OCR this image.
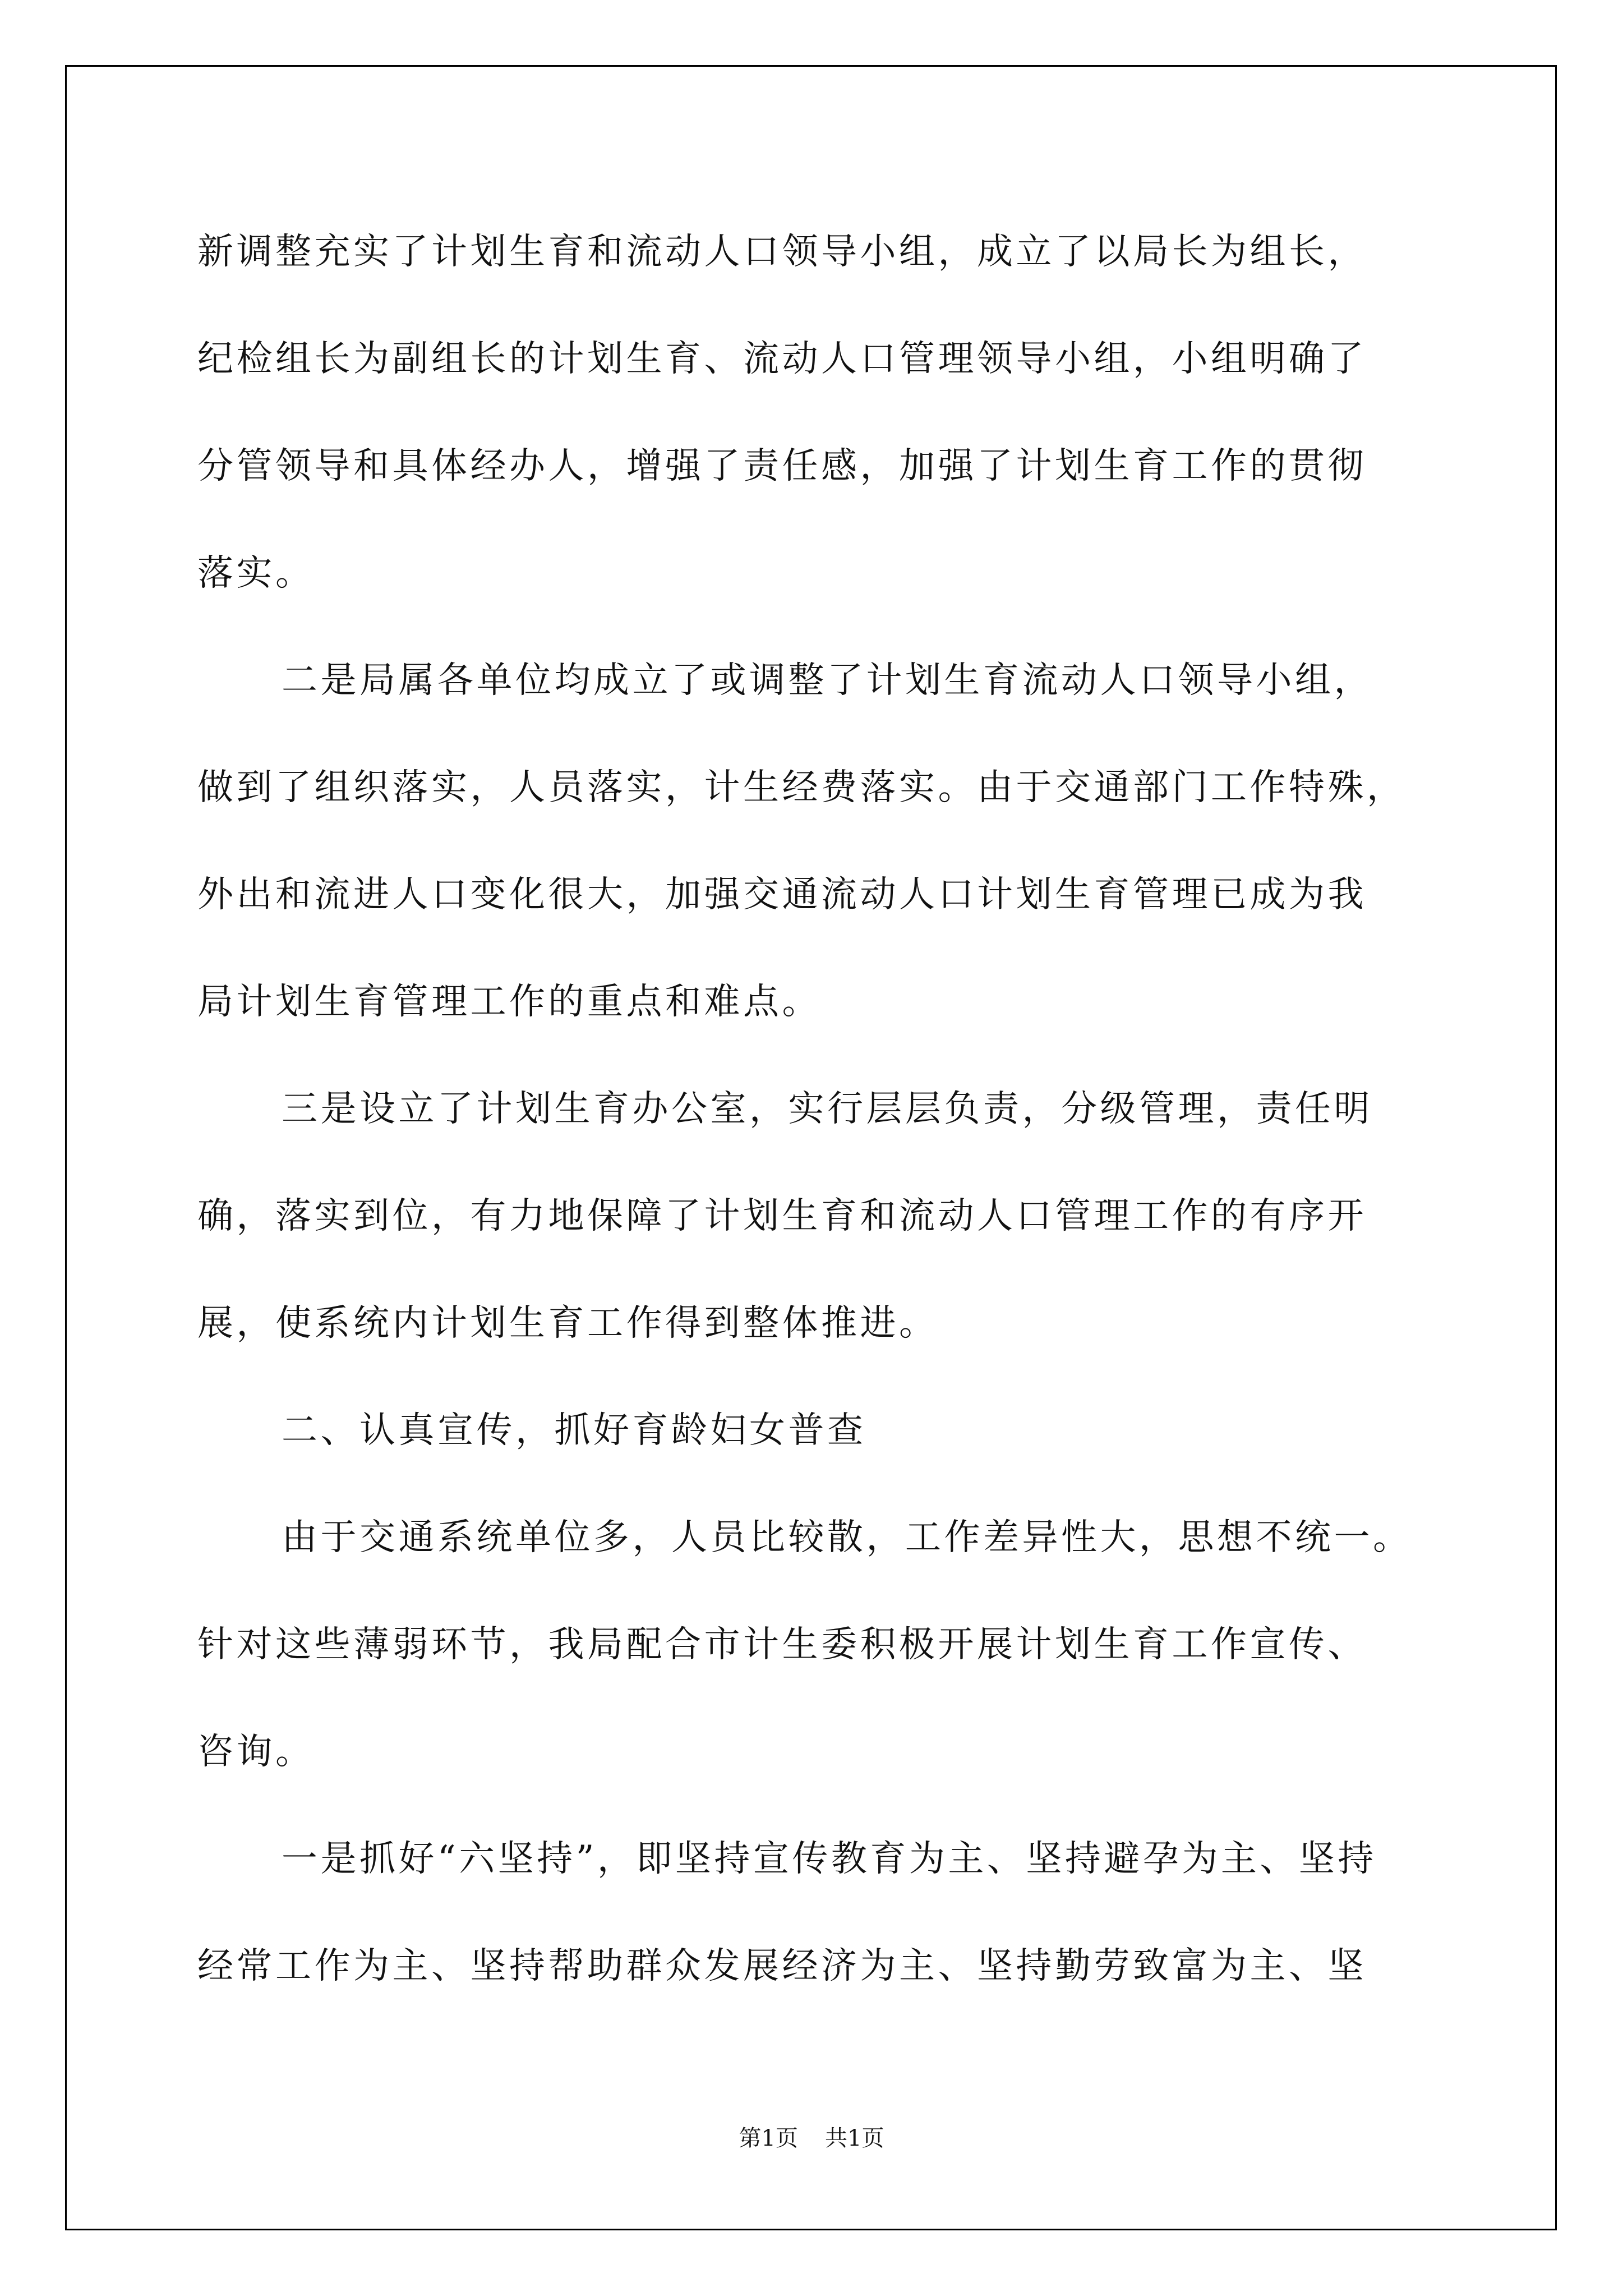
新调整充实了计划生育和流动人口领导小组，成立了以局长为组长，

纪检组长为副组长的计划生育、流动人口管理领导小组，小组明确了

分管领导和具体经办人，增强了责任感，加强了计划生育工作的贯彻

落实。

二是局属各单位均成立了或调整了计划生育流动人口领导小组，

做到了组织落实，人员落实，计生经费落实。由于交通部门工作特殊，

外出和流进人口变化很大，加强交通流动人口计划生育管理已成为我

局计划生育管理工作的重点和难点。

三是设立了计划生育办公室，实行层层负责，分级管理，责任明

确，落实到位，有力地保障了计划生育和流动人口管理工作的有序开

展，使系统内计划生育工作得到整体推进。

二、认真宣传，抓好育龄妇女普查

由于交通系统单位多，人员比较散，工作差异性大，思想不统一。

针对这些薄弱环节，我局配合市计生委积极开展计划生育工作宣传、

咨询。

一是抓好“六坚持”，即坚持宣传教育为主、坚持避孕为主、坚持

经常工作为主、坚持帮助群众发展经济为主、坚持勤劳致富为主、坚

第1页 共1页
